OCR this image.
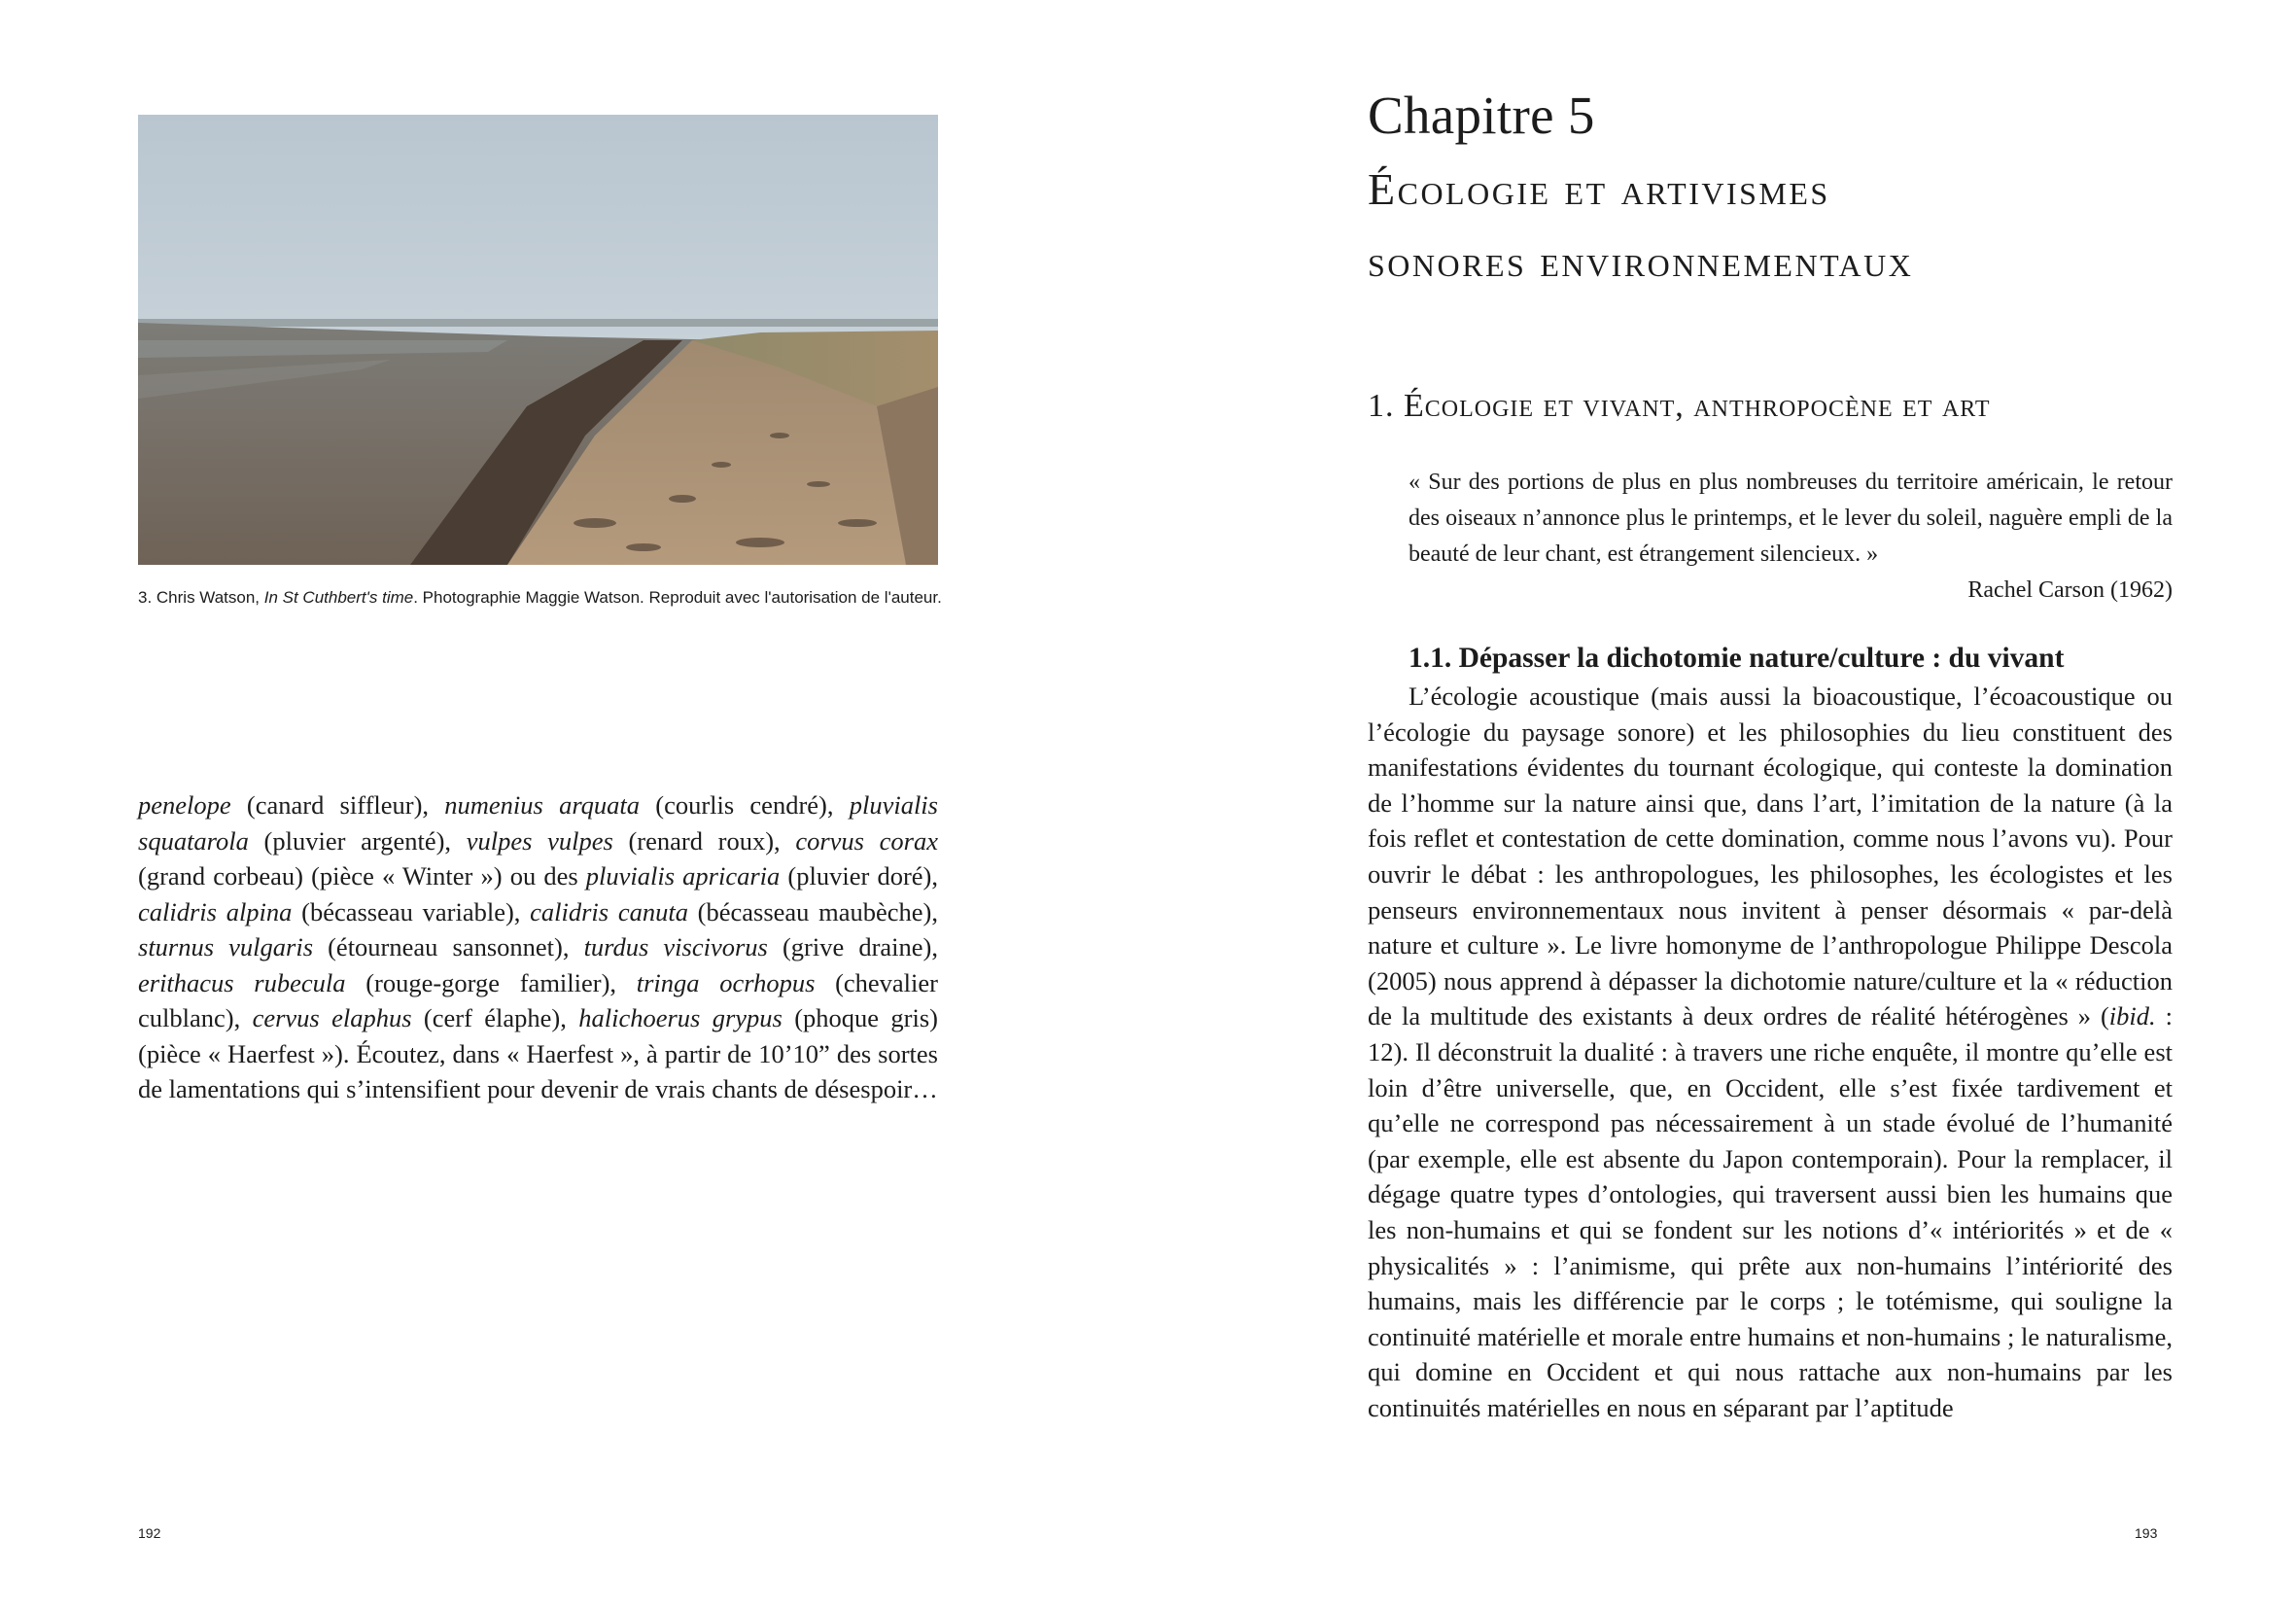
3. Chris Watson, In St Cuthbert's time. Photographie Maggie Watson. Reproduit avec l'autorisation de l'auteur.
penelope (canard siffleur), numenius arquata (courlis cendré), pluvialis squatarola (pluvier argenté), vulpes vulpes (renard roux), corvus corax (grand corbeau) (pièce « Winter ») ou des pluvialis apricaria (pluvier doré), calidris alpina (bécasseau variable), calidris canuta (bécasseau maubèche), sturnus vulgaris (étourneau sansonnet), turdus viscivorus (grive draine), erithacus rubecula (rouge-gorge familier), tringa ocrhopus (chevalier culblanc), cervus elaphus (cerf élaphe), halichoerus grypus (phoque gris) (pièce « Haerfest »). Écoutez, dans « Haerfest », à partir de 10’10” des sortes de lamentations qui s’intensifient pour devenir de vrais chants de désespoir…
192
Chapitre 5
Écologie et artivismes
sonores environnementaux
1. Écologie et vivant, anthropocène et art
« Sur des portions de plus en plus nombreuses du territoire américain, le retour des oiseaux n’annonce plus le printemps, et le lever du soleil, naguère empli de la beauté de leur chant, est étrangement silencieux. »
Rachel Carson (1962)
1.1. Dépasser la dichotomie nature/culture : du vivant
L’écologie acoustique (mais aussi la bioacoustique, l’écoacoustique ou l’écologie du paysage sonore) et les philosophies du lieu constituent des manifestations évidentes du tournant écologique, qui conteste la domination de l’homme sur la nature ainsi que, dans l’art, l’imitation de la nature (à la fois reflet et contestation de cette domination, comme nous l’avons vu). Pour ouvrir le débat : les anthropologues, les philosophes, les écologistes et les penseurs environnementaux nous invitent à penser désormais « par-delà nature et culture ». Le livre homonyme de l’anthropologue Philippe Descola (2005) nous apprend à dépasser la dichotomie nature/culture et la « réduction de la multitude des existants à deux ordres de réalité hétérogènes » (ibid. : 12). Il déconstruit la dualité : à travers une riche enquête, il montre qu’elle est loin d’être universelle, que, en Occident, elle s’est fixée tardivement et qu’elle ne correspond pas nécessairement à un stade évolué de l’humanité (par exemple, elle est absente du Japon contemporain). Pour la remplacer, il dégage quatre types d’ontologies, qui traversent aussi bien les humains que les non-humains et qui se fondent sur les notions d’« intériorités » et de « physicalités » : l’animisme, qui prête aux non-humains l’intériorité des humains, mais les différencie par le corps ; le totémisme, qui souligne la continuité matérielle et morale entre humains et non-humains ; le naturalisme, qui domine en Occident et qui nous rattache aux non-humains par les continuités matérielles en nous en séparant par l’aptitude
193
